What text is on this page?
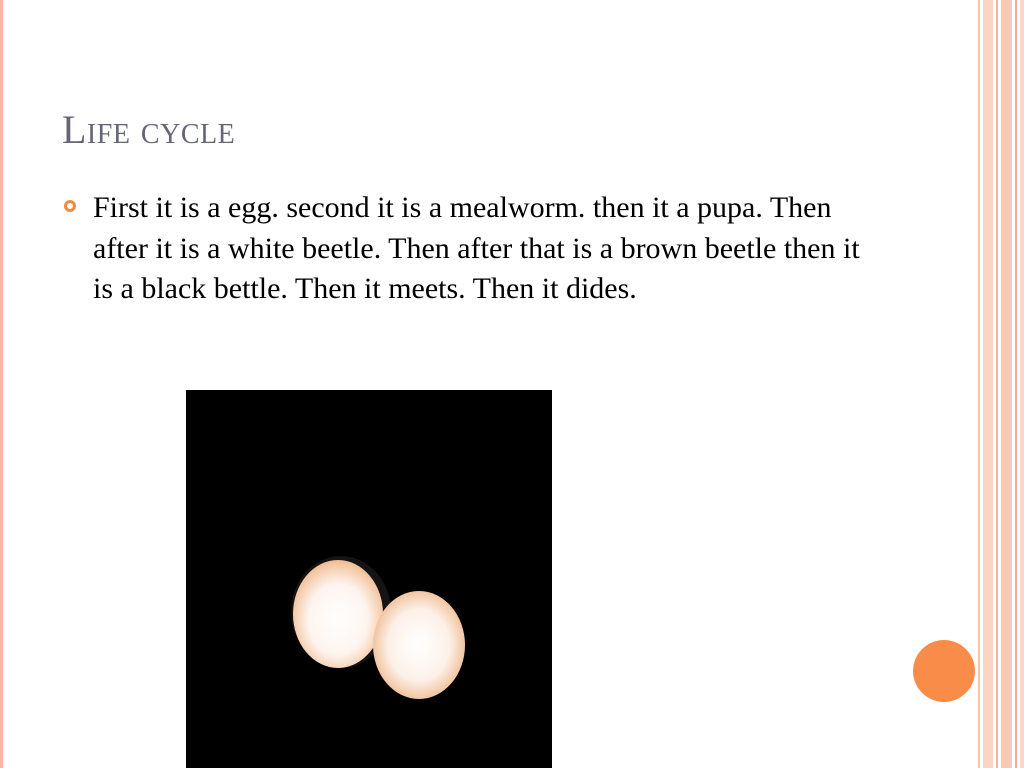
Life cycle

First it is a egg. second it is a mealworm. then it a pupa. Then after it is a white beetle. Then after that is a brown beetle then it is a black bettle. Then it meets. Then it dides.
